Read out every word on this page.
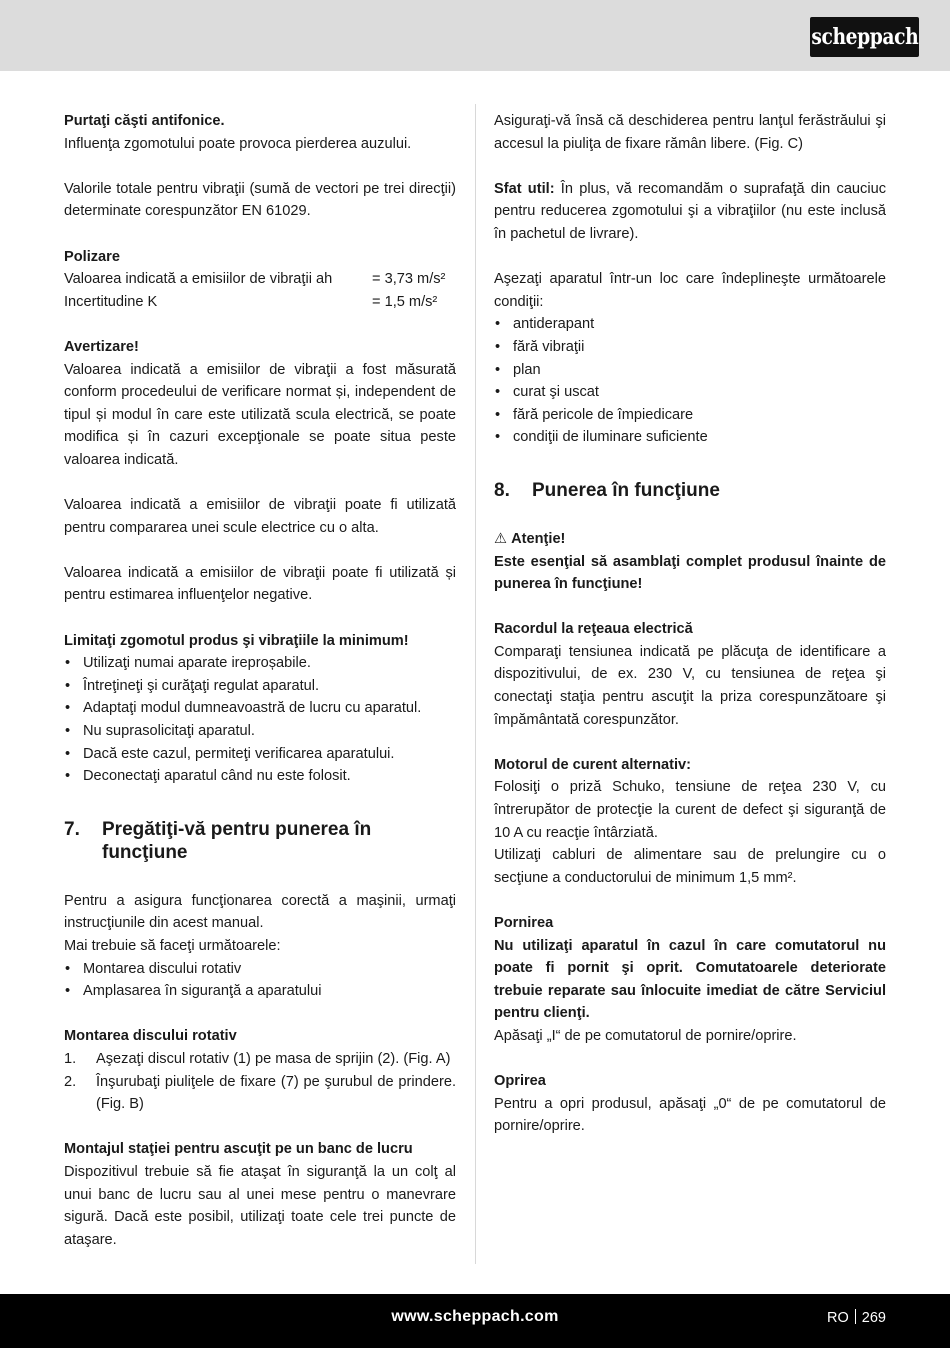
scheppach

Purtaţi căşti antifonice.

Influenţa zgomotului poate provoca pierderea auzului.

Valorile totale pentru vibraţii (sumă de vectori pe trei direcţii) determinate corespunzător EN 61029.

Polizare

Valoarea indicată a emisiilor de vibraţii ah	= 3,73 m/s²
Incertitudine K	= 1,5 m/s²

Avertizare!

Valoarea indicată a emisiilor de vibraţii a fost măsurată conform procedeului de verificare normat și, independent de tipul și modul în care este utilizată scula electrică, se poate modifica și în cazuri excepţionale se poate situa peste valoarea indicată.

Valoarea indicată a emisiilor de vibraţii poate fi utilizată pentru compararea unei scule electrice cu o alta.

Valoarea indicată a emisiilor de vibraţii poate fi utilizată și pentru estimarea influenţelor negative.

Limitaţi zgomotul produs şi vibraţiile la minimum!

• Utilizaţi numai aparate ireproșabile.
• Întreţineţi şi curăţaţi regulat aparatul.
• Adaptaţi modul dumneavoastră de lucru cu aparatul.
• Nu suprasolicitaţi aparatul.
• Dacă este cazul, permiteţi verificarea aparatului.
• Deconectaţi aparatul când nu este folosit.
7.	Pregătiţi-vă pentru punerea în funcţiune

Pentru a asigura funcţionarea corectă a maşinii, urmaţi instrucţiunile din acest manual.

Mai trebuie să faceţi următoarele:

• Montarea discului rotativ
• Amplasarea în siguranţă a aparatului

Montarea discului rotativ

1. Aşezaţi discul rotativ (1) pe masa de sprijin (2). (Fig. A)
2. Înşurubaţi piuliţele de fixare (7) pe şurubul de prindere. (Fig. B)

Montajul staţiei pentru ascuţit pe un banc de lucru

Dispozitivul trebuie să fie ataşat în siguranţă la un colţ al unui banc de lucru sau al unei mese pentru o manevrare sigură. Dacă este posibil, utilizaţi toate cele trei puncte de ataşare.

Asiguraţi-vă însă că deschiderea pentru lanţul ferăstrăului şi accesul la piuliţa de fixare rămân libere. (Fig. C)

Sfat util: În plus, vă recomandăm o suprafaţă din cauciuc pentru reducerea zgomotului şi a vibraţiilor (nu este inclusă în pachetul de livrare).

Aşezaţi aparatul într-un loc care îndeplineşte următoarele condiţii:

• antiderapant
• fără vibraţii
• plan
• curat şi uscat
• fără pericole de împiedicare
• condiţii de iluminare suficiente
8.	Punerea în funcţiune

⚠ Atenţie!

Este esenţial să asamblaţi complet produsul înainte de punerea în funcţiune!

Racordul la reţeaua electrică

Comparaţi tensiunea indicată pe plăcuţa de identificare a dispozitivului, de ex. 230 V, cu tensiunea de reţea şi conectaţi staţia pentru ascuţit la priza corespunzătoare şi împământată corespunzător.

Motorul de curent alternativ:

Folosiţi o priză Schuko, tensiune de reţea 230 V, cu întrerupător de protecţie la curent de defect şi siguranţă de 10 A cu reacţie întârziată.

Utilizaţi cabluri de alimentare sau de prelungire cu o secţiune a conductorului de minimum 1,5 mm².

Pornirea

Nu utilizaţi aparatul în cazul în care comutatorul nu poate fi pornit şi oprit. Comutatoarele deteriorate trebuie reparate sau înlocuite imediat de către Serviciul pentru clienţi.

Apăsaţi „I“ de pe comutatorul de pornire/oprire.

Oprirea

Pentru a opri produsul, apăsaţi „0“ de pe comutatorul de pornire/oprire.

www.scheppach.com	RO 269
